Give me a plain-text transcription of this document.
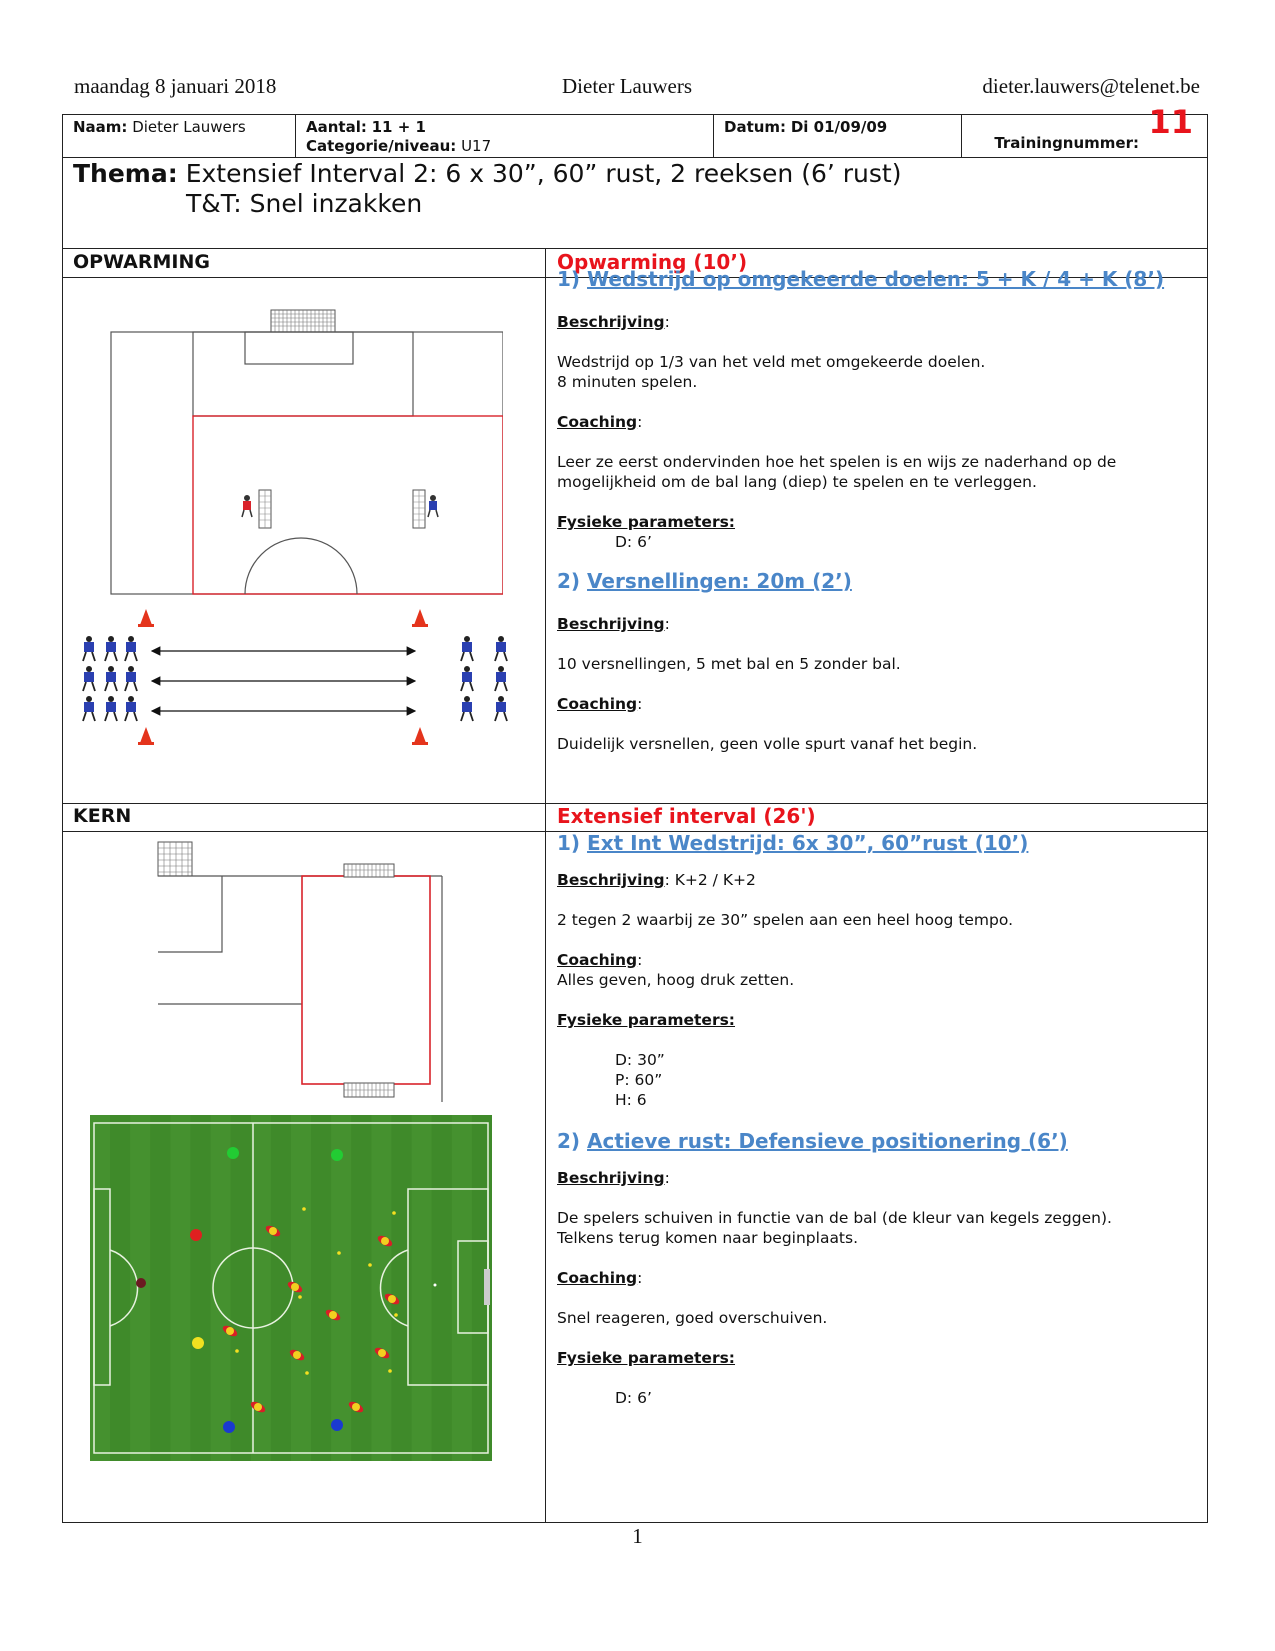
maandag 8 januari 2018	Dieter Lauwers	dieter.lauwers@telenet.be
Naam: Dieter Lauwers	Aantal: 11 + 1
Categorie/niveau: U17
Datum: Di 01/09/09
Trainingnummer:
11
Thema: Extensief Interval 2: 6 x 30”, 60” rust, 2 reeksen (6’ rust)
T&T: Snel inzakken
OPWARMING	Opwarming (10’)
1) Wedstrijd op omgekeerde doelen: 5 + K / 4 + K (8’)

Beschrijving:

Wedstrijd op 1/3 van het veld met omgekeerde doelen.

8 minuten spelen.

Coaching:

Leer ze eerst ondervinden hoe het spelen is en wijs ze naderhand op de

mogelijkheid om de bal lang (diep) te spelen en te verleggen.

Fysieke parameters:

D: 6’

2) Versnellingen: 20m (2’)

Beschrijving:

10 versnellingen, 5 met bal en 5 zonder bal.

Coaching:

Duidelijk versnellen, geen volle spurt vanaf het begin.

KERN	Extensief interval (26')
1) Ext Int Wedstrijd: 6x 30”, 60”rust (10’)

Beschrijving: K+2 / K+2

2 tegen 2 waarbij ze 30” spelen aan een heel hoog tempo.

Coaching:

Alles geven, hoog druk zetten.

Fysieke parameters:

D: 30”

P: 60”

H: 6

2) Actieve rust: Defensieve positionering (6’)

Beschrijving:

De spelers schuiven in functie van de bal (de kleur van kegels zeggen).

Telkens terug komen naar beginplaats.

Coaching:

Snel reageren, goed overschuiven.

Fysieke parameters:

D: 6’

1
